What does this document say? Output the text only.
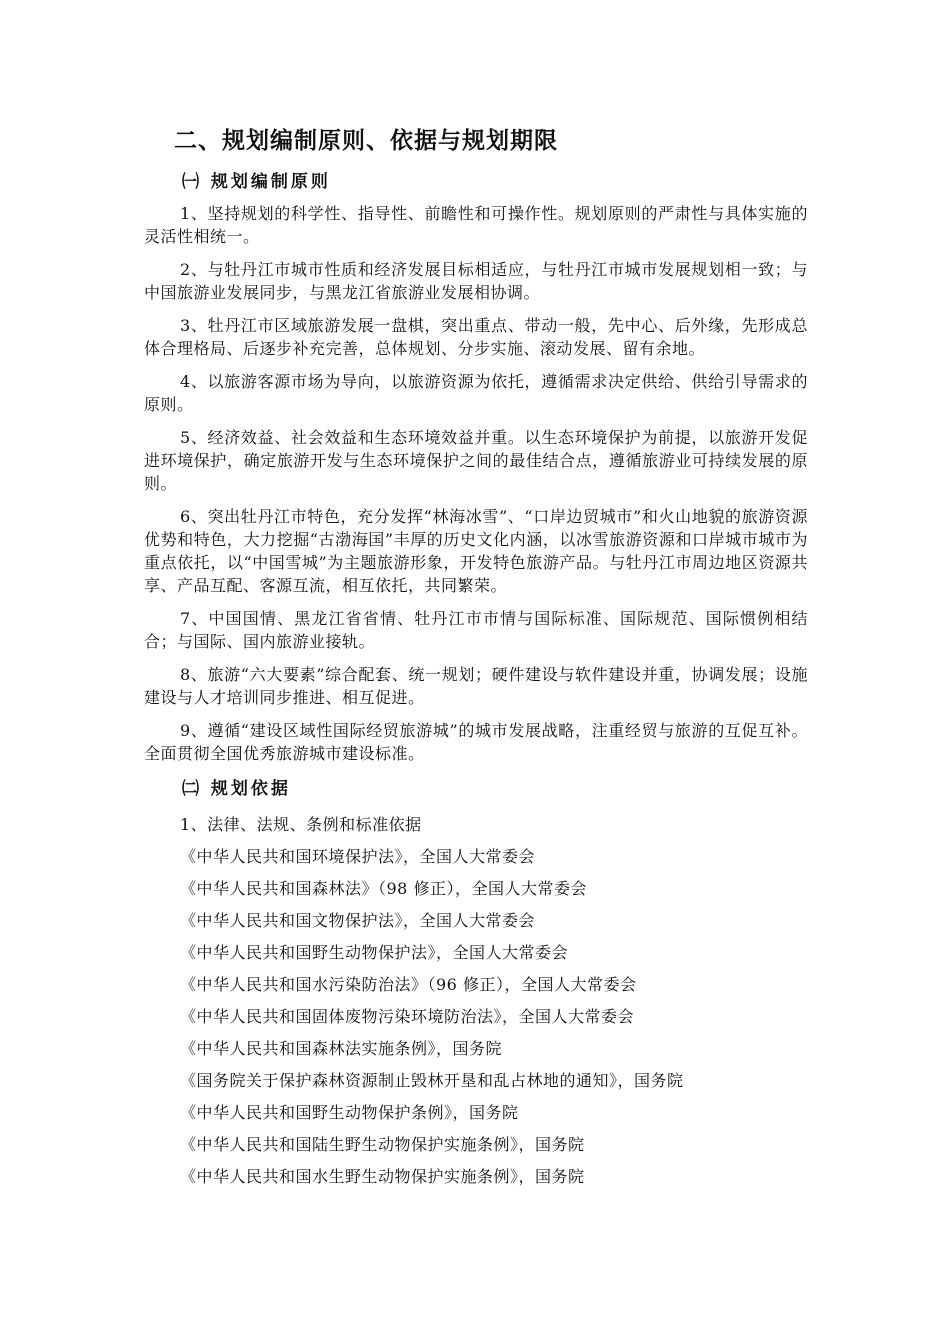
二、规划编制原则、依据与规划期限
㈠ 规划编制原则

1、坚持规划的科学性、指导性、前瞻性和可操作性。规划原则的严肃性与具体实施的灵活性相统一。

2、与牡丹江市城市性质和经济发展目标相适应，与牡丹江市城市发展规划相一致；与中国旅游业发展同步，与黑龙江省旅游业发展相协调。

3、牡丹江市区域旅游发展一盘棋，突出重点、带动一般，先中心、后外缘，先形成总体合理格局、后逐步补充完善，总体规划、分步实施、滚动发展、留有余地。

4、以旅游客源市场为导向，以旅游资源为依托，遵循需求决定供给、供给引导需求的原则。

5、经济效益、社会效益和生态环境效益并重。以生态环境保护为前提，以旅游开发促进环境保护，确定旅游开发与生态环境保护之间的最佳结合点，遵循旅游业可持续发展的原则。

6、突出牡丹江市特色，充分发挥“林海冰雪”、“口岸边贸城市”和火山地貌的旅游资源优势和特色，大力挖掘“古渤海国”丰厚的历史文化内涵，以冰雪旅游资源和口岸城市城市为重点依托，以“中国雪城”为主题旅游形象，开发特色旅游产品。与牡丹江市周边地区资源共享、产品互配、客源互流，相互依托，共同繁荣。

7、中国国情、黑龙江省省情、牡丹江市市情与国际标准、国际规范、国际惯例相结合；与国际、国内旅游业接轨。

8、旅游“六大要素”综合配套、统一规划；硬件建设与软件建设并重，协调发展；设施建设与人才培训同步推进、相互促进。

9、遵循“建设区域性国际经贸旅游城”的城市发展战略，注重经贸与旅游的互促互补。全面贯彻全国优秀旅游城市建设标准。

㈡ 规划依据
1、法律、法规、条例和标准依据
《中华人民共和国环境保护法》，全国人大常委会
《中华人民共和国森林法》（98 修正），全国人大常委会
《中华人民共和国文物保护法》，全国人大常委会
《中华人民共和国野生动物保护法》，全国人大常委会
《中华人民共和国水污染防治法》（96 修正），全国人大常委会
《中华人民共和国固体废物污染环境防治法》，全国人大常委会
《中华人民共和国森林法实施条例》，国务院
《国务院关于保护森林资源制止毁林开垦和乱占林地的通知》，国务院
《中华人民共和国野生动物保护条例》，国务院
《中华人民共和国陆生野生动物保护实施条例》，国务院
《中华人民共和国水生野生动物保护实施条例》，国务院
